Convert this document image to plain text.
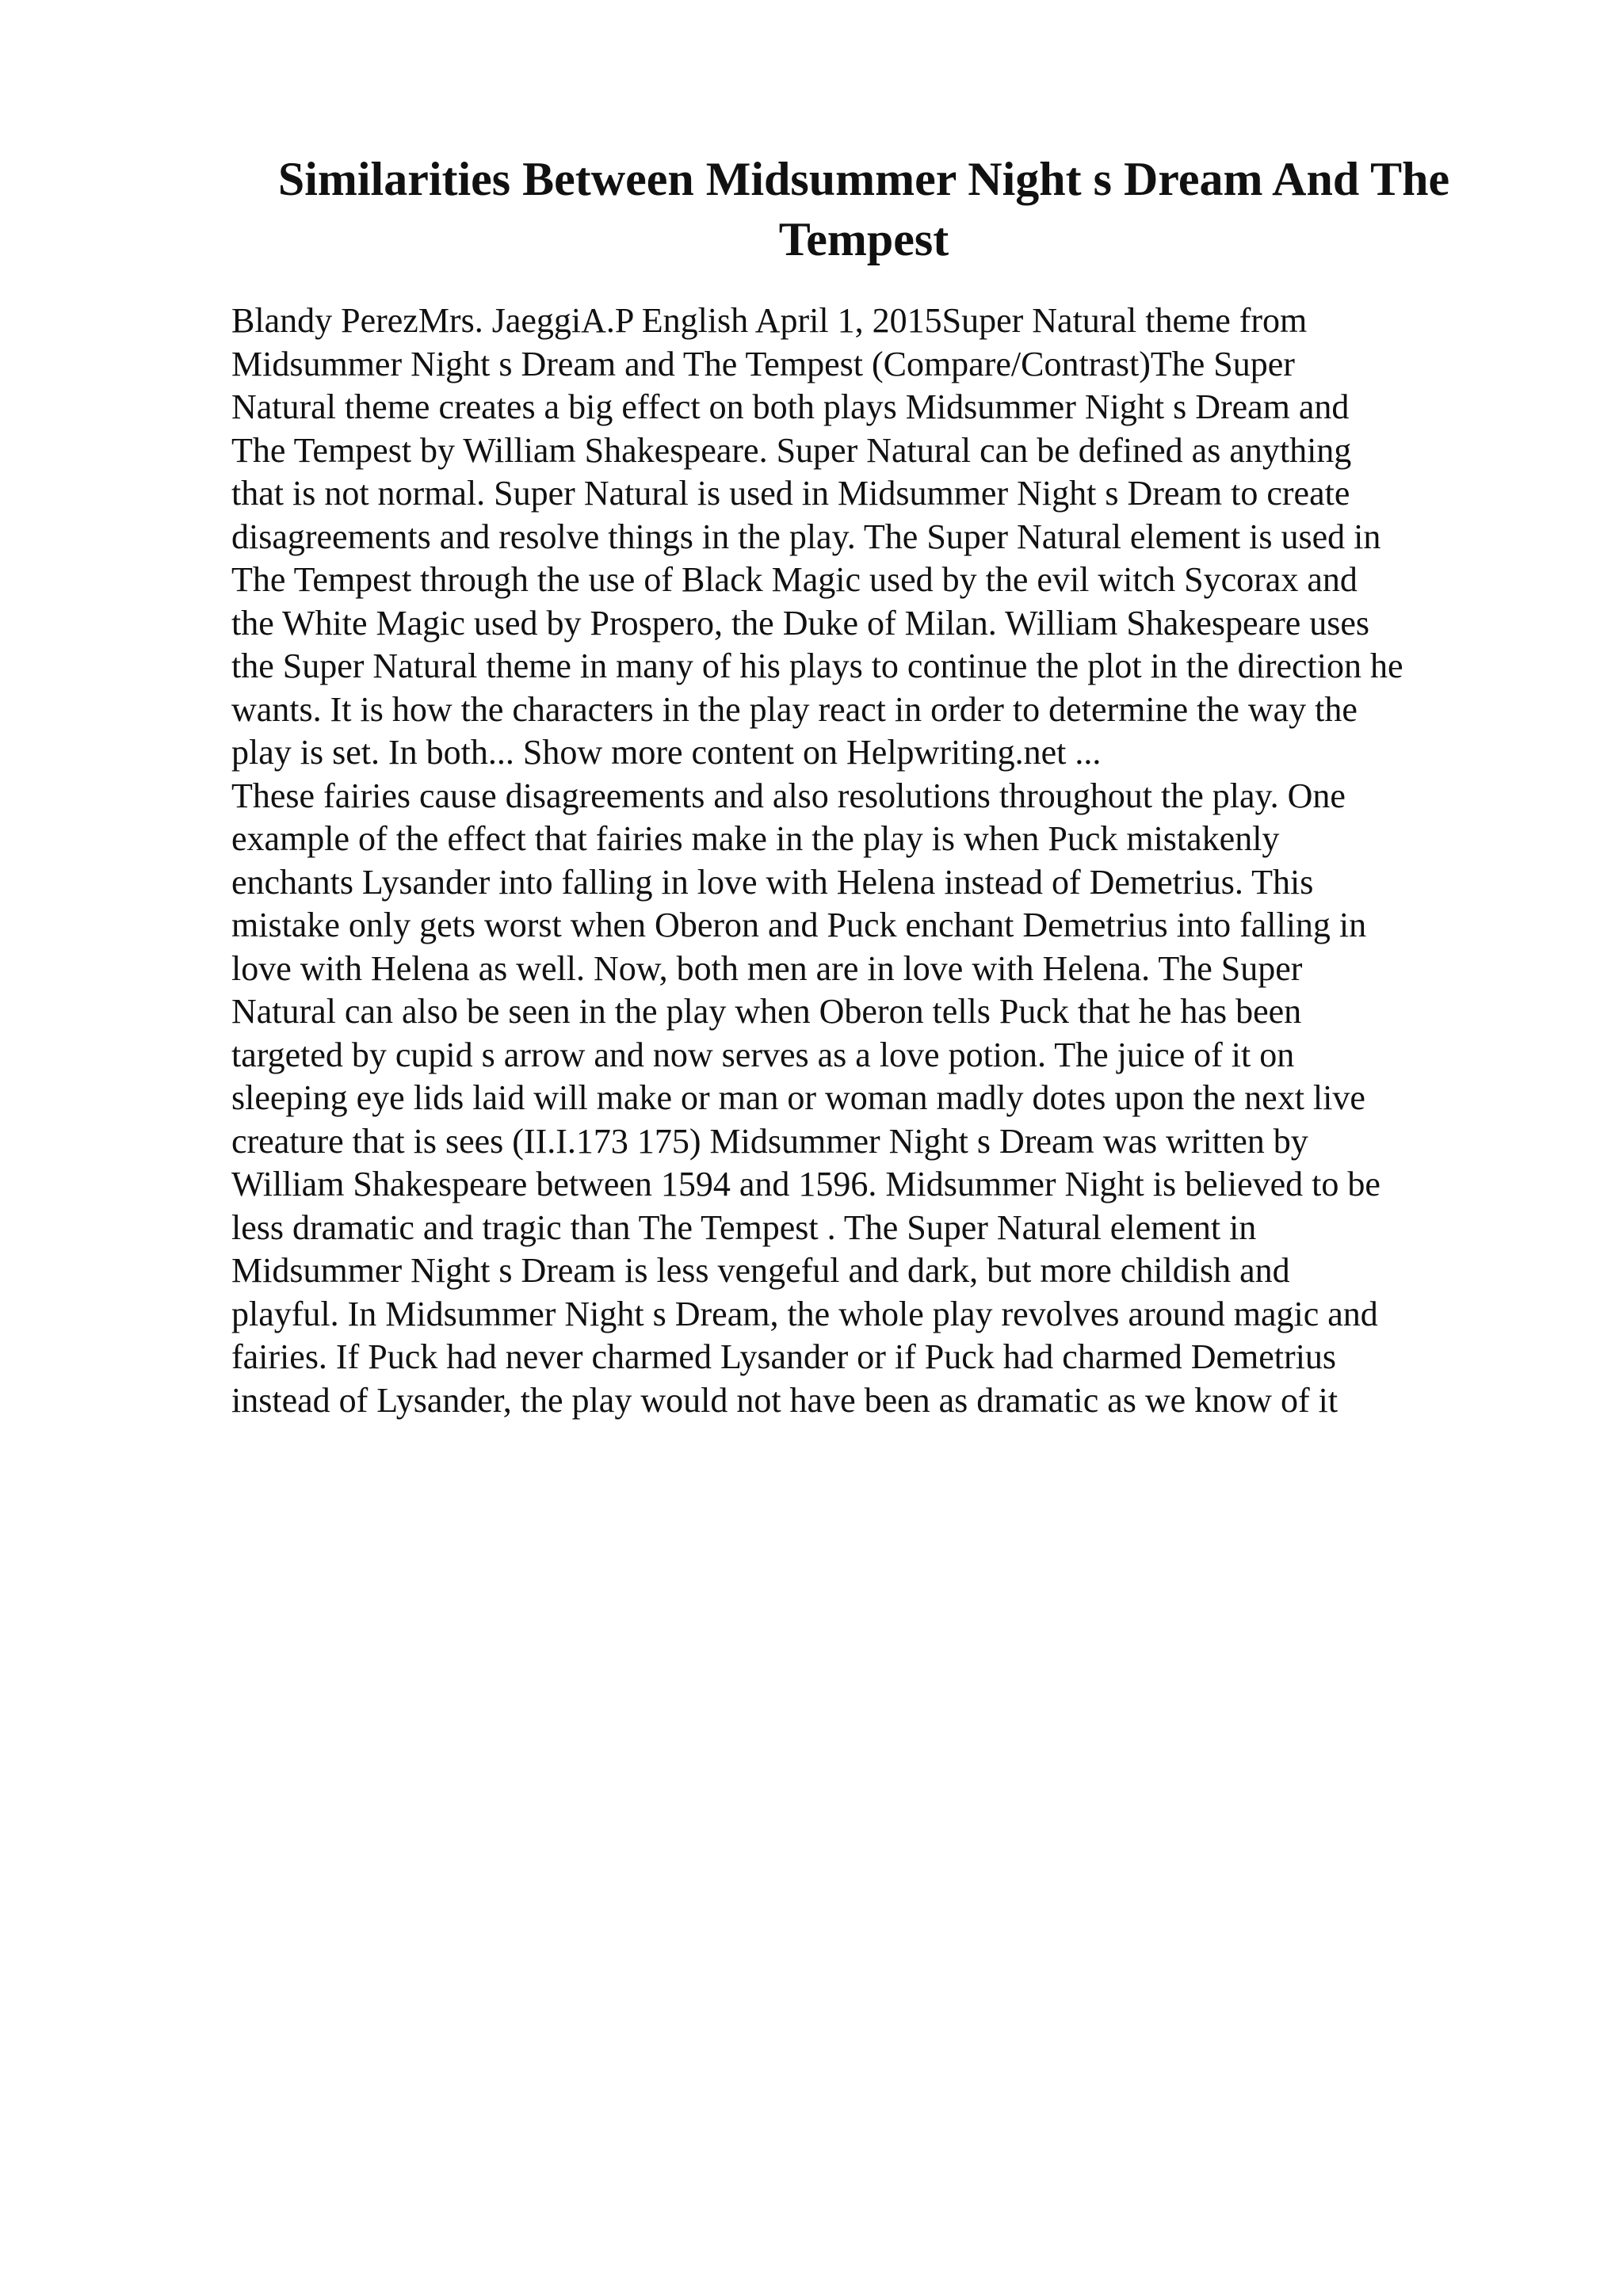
Similarities Between Midsummer Night s Dream And The
Tempest

Blandy PerezMrs. JaeggiA.P English April 1, 2015Super Natural theme from
Midsummer Night s Dream and The Tempest (Compare/Contrast)The Super
Natural theme creates a big effect on both plays Midsummer Night s Dream and
The Tempest by William Shakespeare. Super Natural can be defined as anything
that is not normal. Super Natural is used in Midsummer Night s Dream to create
disagreements and resolve things in the play. The Super Natural element is used in
The Tempest through the use of Black Magic used by the evil witch Sycorax and
the White Magic used by Prospero, the Duke of Milan. William Shakespeare uses
the Super Natural theme in many of his plays to continue the plot in the direction he
wants. It is how the characters in the play react in order to determine the way the
play is set. In both... Show more content on Helpwriting.net ...

These fairies cause disagreements and also resolutions throughout the play. One
example of the effect that fairies make in the play is when Puck mistakenly
enchants Lysander into falling in love with Helena instead of Demetrius. This
mistake only gets worst when Oberon and Puck enchant Demetrius into falling in
love with Helena as well. Now, both men are in love with Helena. The Super
Natural can also be seen in the play when Oberon tells Puck that he has been
targeted by cupid s arrow and now serves as a love potion. The juice of it on
sleeping eye lids laid will make or man or woman madly dotes upon the next live
creature that is sees (II.I.173 175) Midsummer Night s Dream was written by
William Shakespeare between 1594 and 1596. Midsummer Night is believed to be
less dramatic and tragic than The Tempest . The Super Natural element in
Midsummer Night s Dream is less vengeful and dark, but more childish and
playful. In Midsummer Night s Dream, the whole play revolves around magic and
fairies. If Puck had never charmed Lysander or if Puck had charmed Demetrius
instead of Lysander, the play would not have been as dramatic as we know of it
